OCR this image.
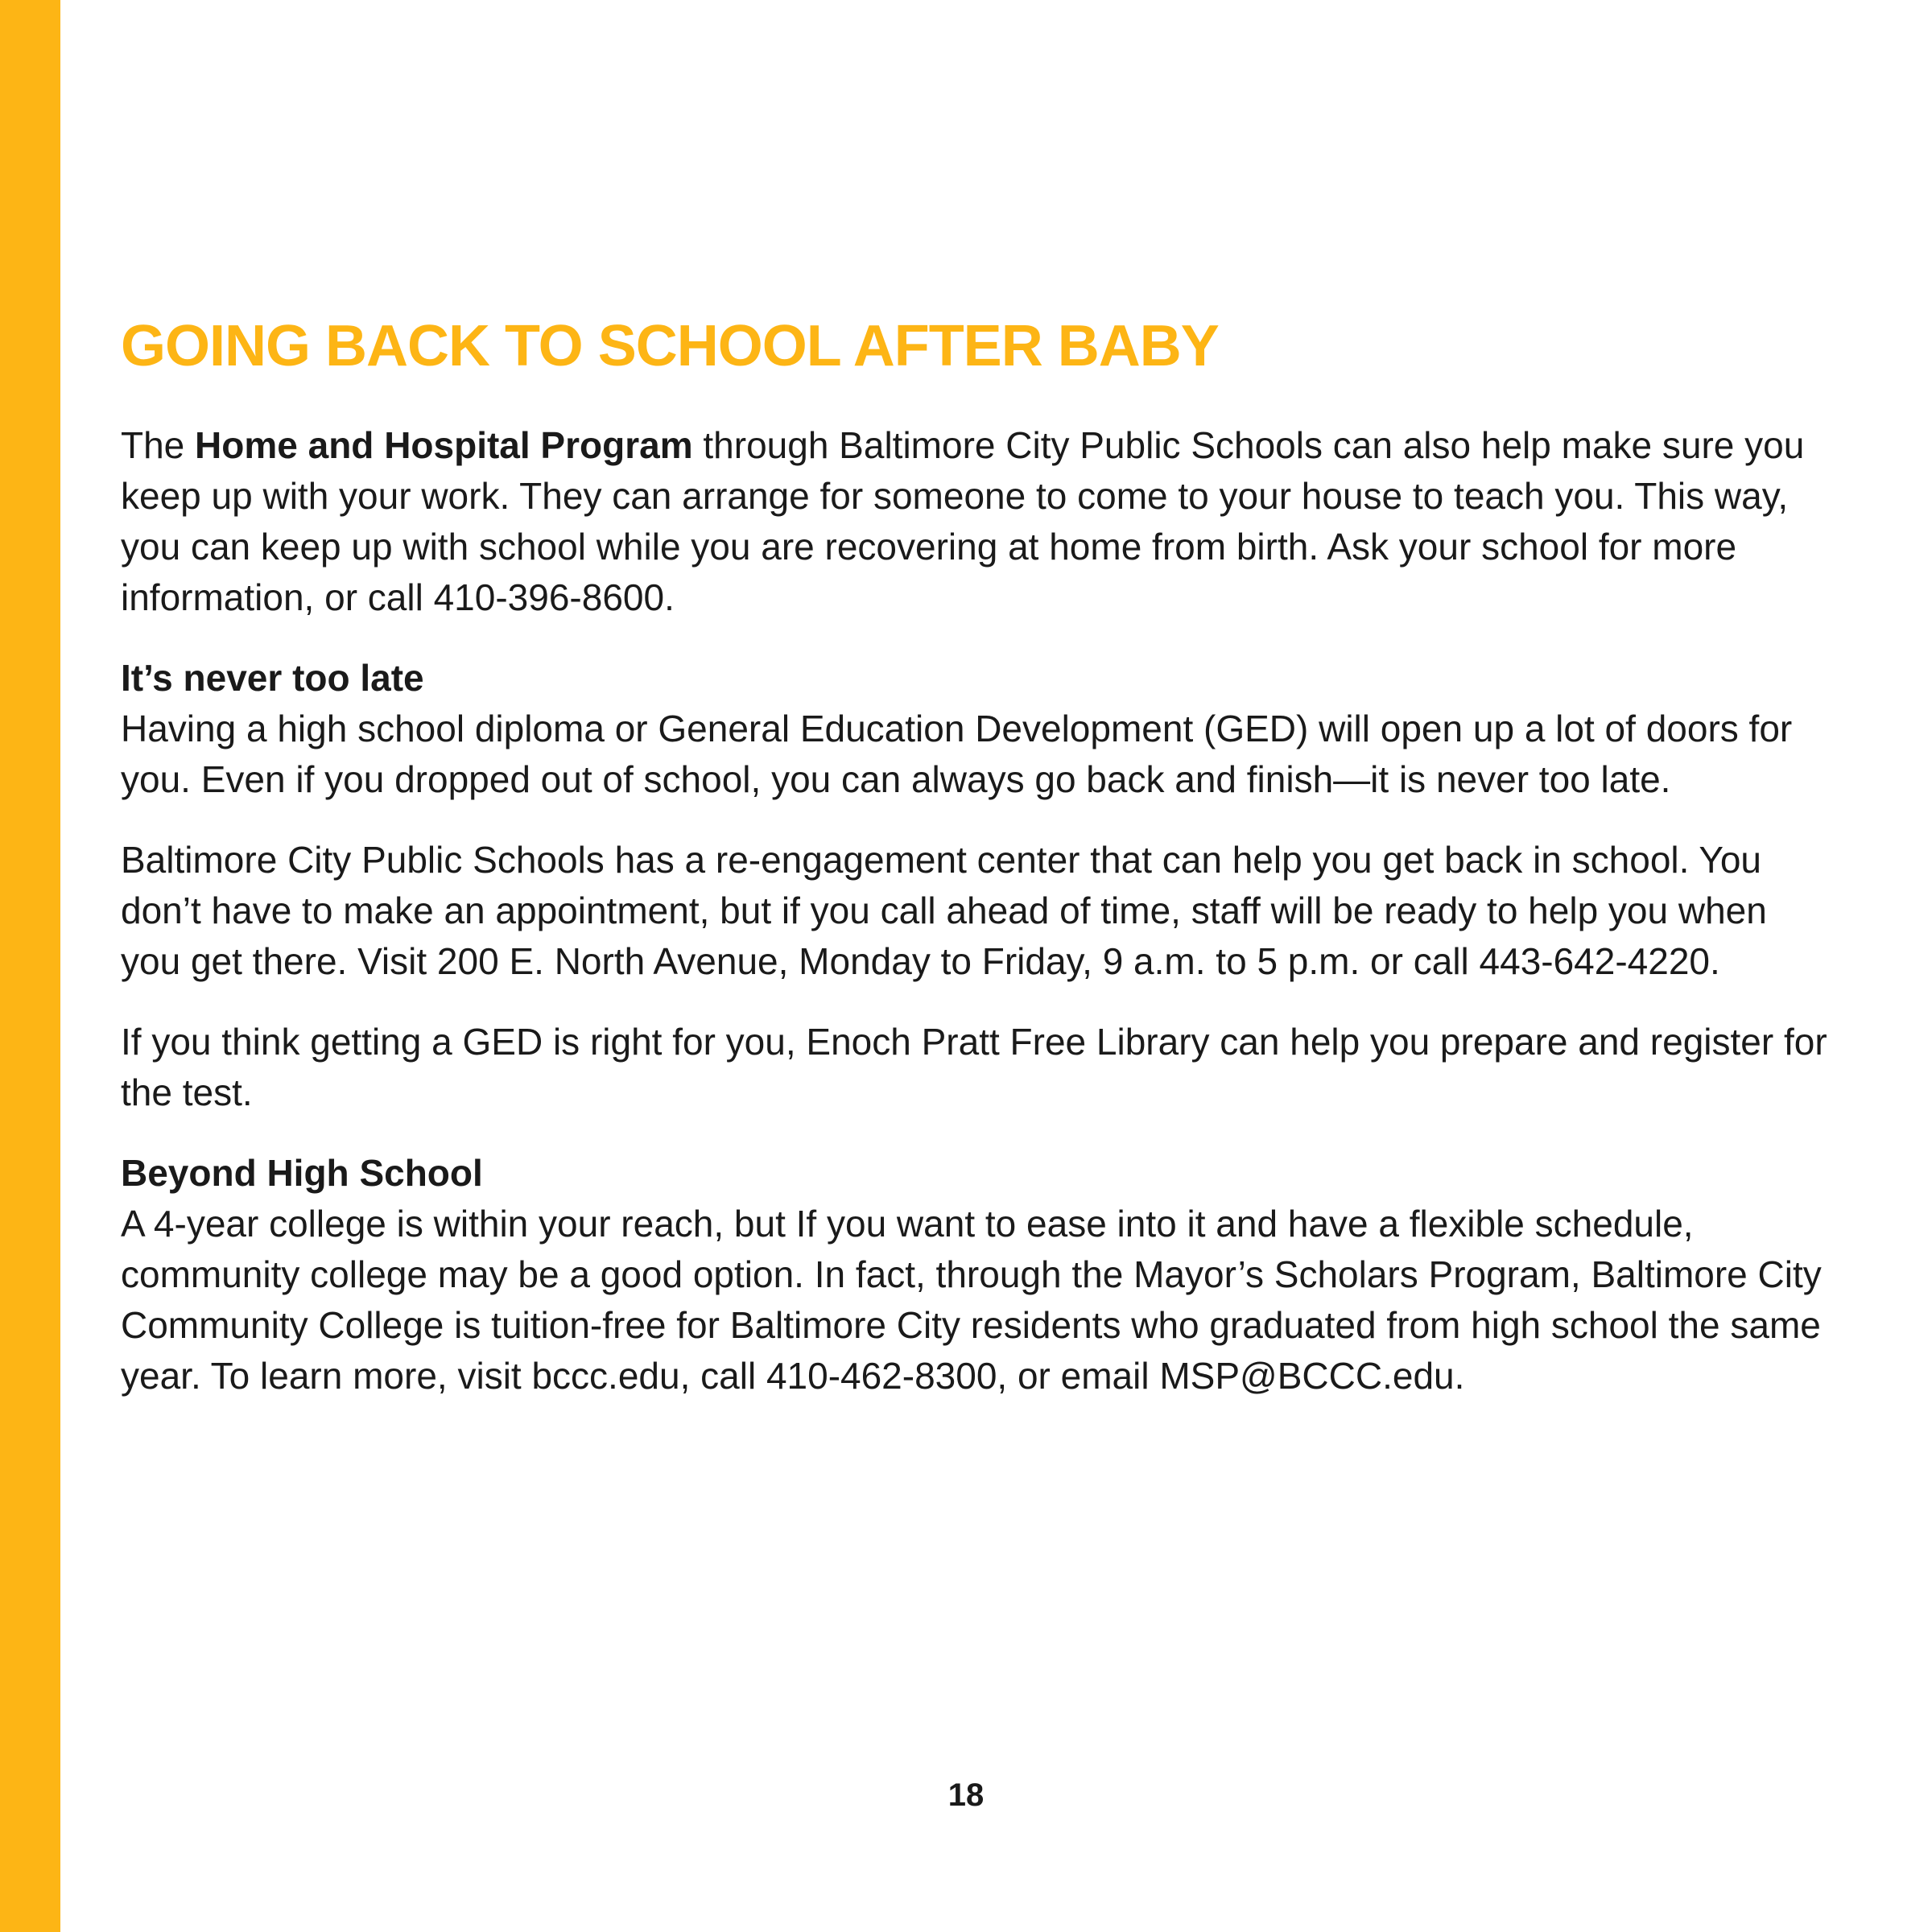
GOING BACK TO SCHOOL AFTER BABY

The Home and Hospital Program through Baltimore City Public Schools can also help make sure you keep up with your work. They can arrange for someone to come to your house to teach you. This way, you can keep up with school while you are recovering at home from birth. Ask your school for more information, or call 410-396-8600.

It’s never too late
Having a high school diploma or General Education Development (GED) will open up a lot of doors for you. Even if you dropped out of school, you can always go back and finish—it is never too late.

Baltimore City Public Schools has a re-engagement center that can help you get back in school. You don’t have to make an appointment, but if you call ahead of time, staff will be ready to help you when you get there. Visit 200 E. North Avenue, Monday to Friday, 9 a.m. to 5 p.m. or call 443-642-4220.

If you think getting a GED is right for you, Enoch Pratt Free Library can help you prepare and register for the test.

Beyond High School
A 4-year college is within your reach, but If you want to ease into it and have a flexible schedule, community college may be a good option. In fact, through the Mayor’s Scholars Program, Baltimore City Community College is tuition-free for Baltimore City residents who graduated from high school the same year. To learn more, visit bccc.edu, call 410-462-8300, or email MSP@BCCC.edu.

18
